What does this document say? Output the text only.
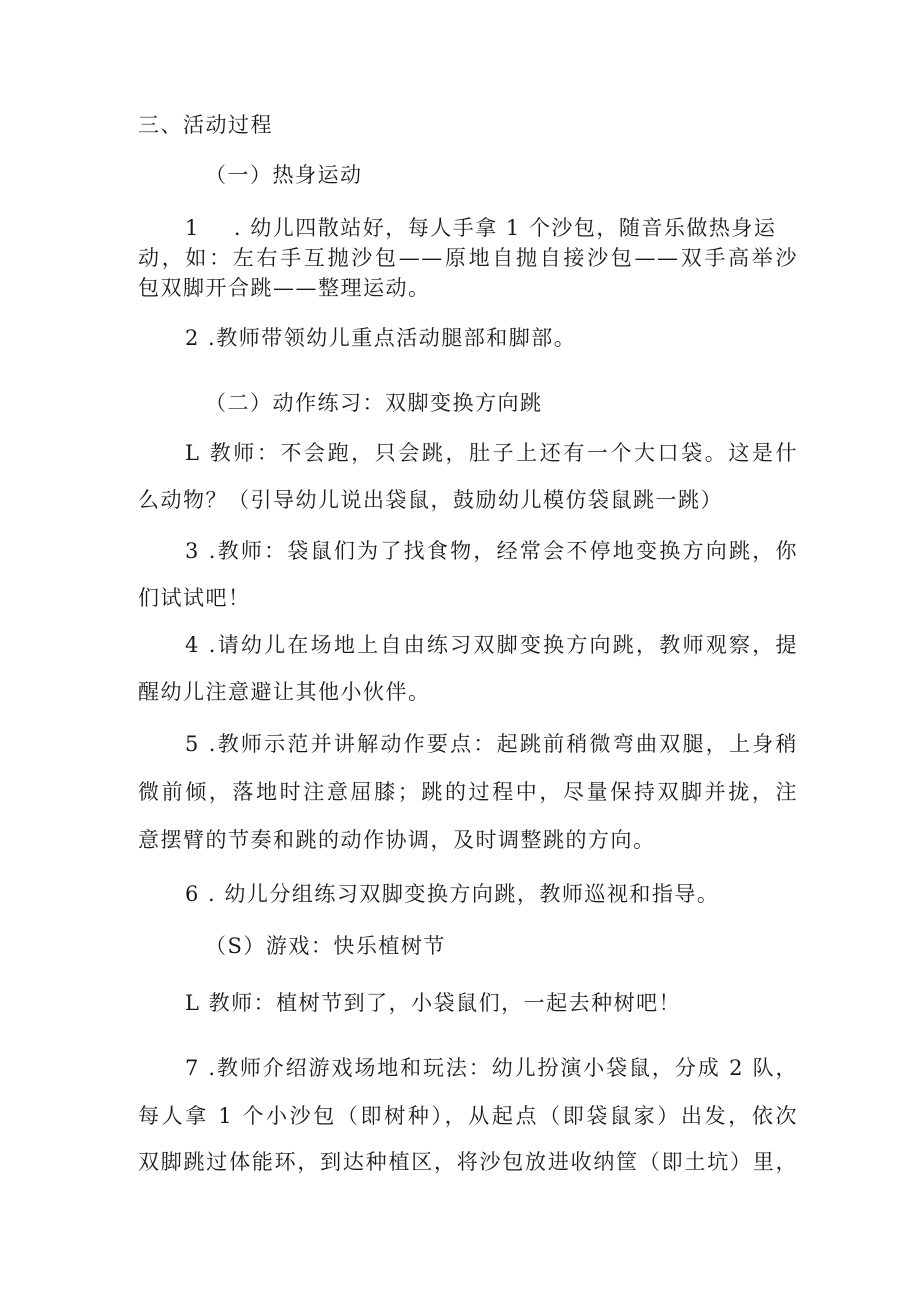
三、活动过程
（一）热身运动
1 . 幼儿四散站好，每人手拿 1 个沙包，随音乐做热身运
动，如：左右手互抛沙包——原地自抛自接沙包——双手高举沙
包双脚开合跳——整理运动。
2 .教师带领幼儿重点活动腿部和脚部。
（二）动作练习：双脚变换方向跳
L 教师：不会跑，只会跳，肚子上还有一个大口袋。这是什
么动物？（引导幼儿说出袋鼠，鼓励幼儿模仿袋鼠跳一跳）
3 .教师：袋鼠们为了找食物，经常会不停地变换方向跳，你
们试试吧！
4 .请幼儿在场地上自由练习双脚变换方向跳，教师观察，提
醒幼儿注意避让其他小伙伴。
5 .教师示范并讲解动作要点：起跳前稍微弯曲双腿，上身稍
微前倾，落地时注意屈膝；跳的过程中，尽量保持双脚并拢，注
意摆臂的节奏和跳的动作协调，及时调整跳的方向。
6 . 幼儿分组练习双脚变换方向跳，教师巡视和指导。
（S）游戏：快乐植树节
L 教师：植树节到了，小袋鼠们，一起去种树吧！
7 .教师介绍游戏场地和玩法：幼儿扮演小袋鼠，分成 2 队，
每人拿 1 个小沙包（即树种），从起点（即袋鼠家）出发，依次
双脚跳过体能环，到达种植区，将沙包放进收纳筐（即土坑）里，
